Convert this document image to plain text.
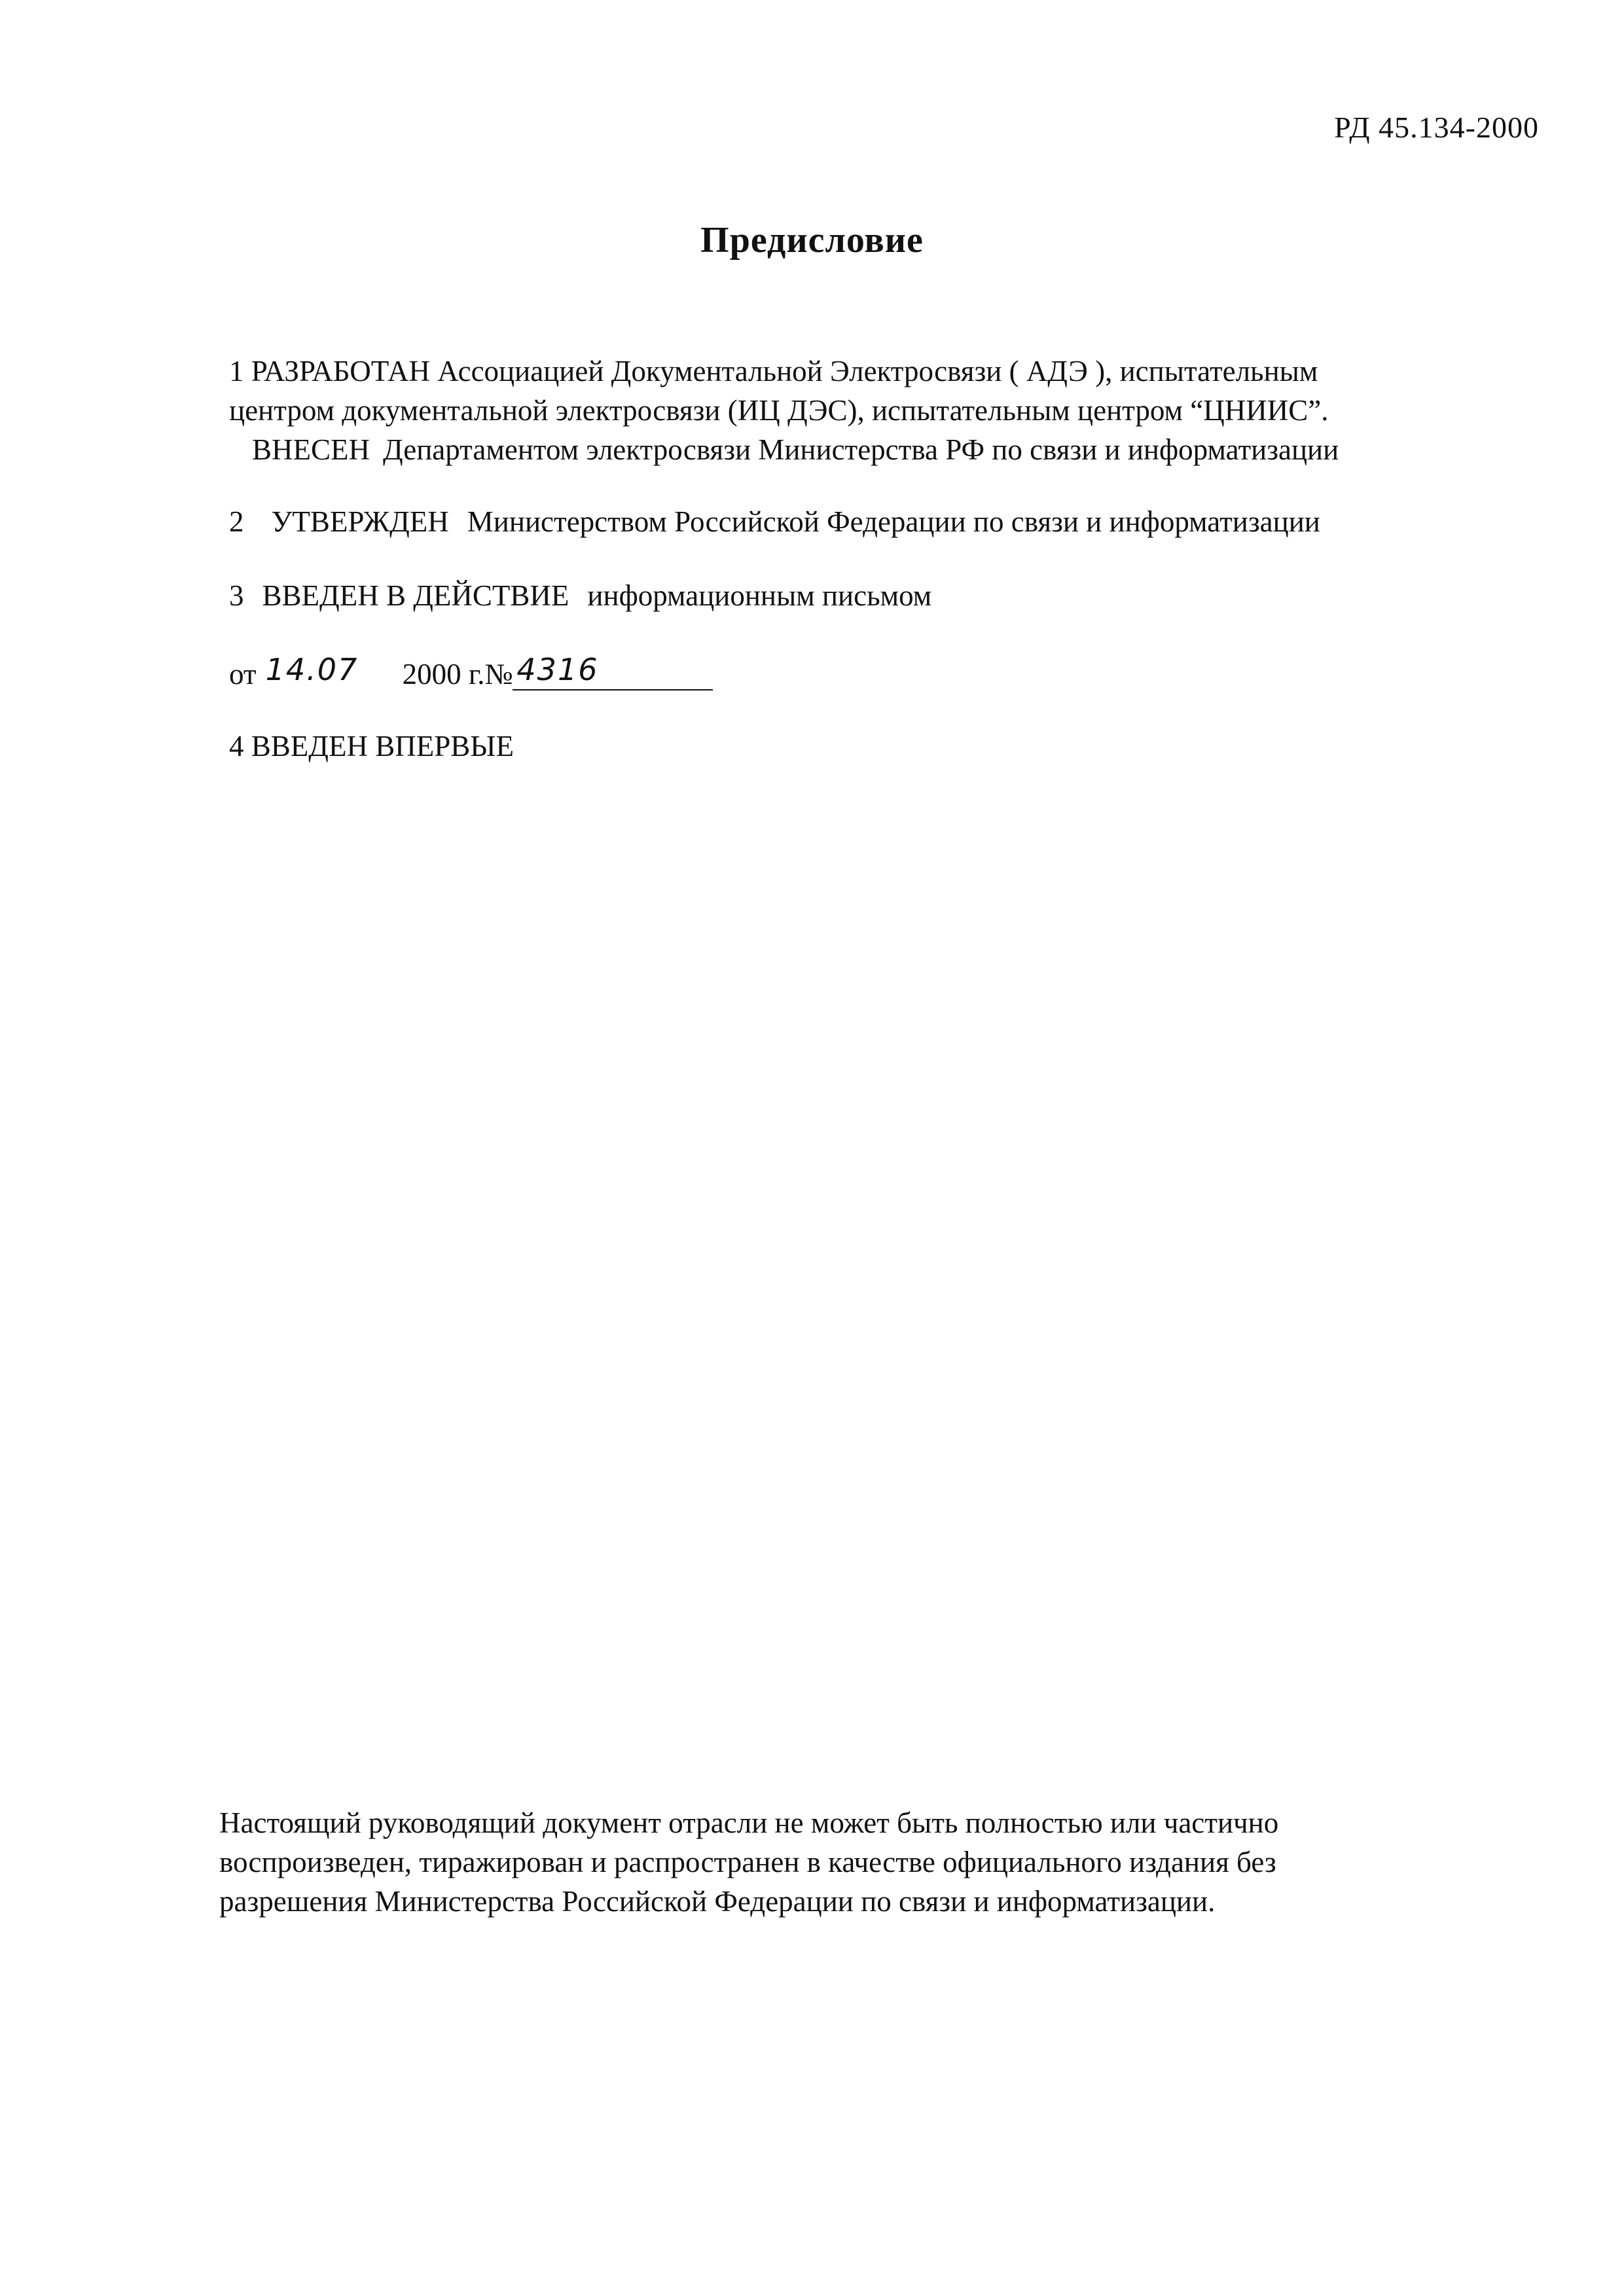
РД 45.134-2000
Предисловие
1 РАЗРАБОТАН Ассоциацией Документальной Электросвязи ( АДЭ ), испытательным
центром документальной электросвязи (ИЦ ДЭС), испытательным центром “ЦНИИС”.
ВНЕСЕН Департаментом электросвязи Министерства РФ по связи и информатизации
2 УТВЕРЖДЕН Министерством Российской Федерации по связи и информатизации
3 ВВЕДЕН В ДЕЙСТВИЕ информационным письмом
от 14.07 2000 г.№ 4316
4 ВВЕДЕН ВПЕРВЫЕ
Настоящий руководящий документ отрасли не может быть полностью или частично
воспроизведен, тиражирован и распространен в качестве официального издания без
разрешения Министерства Российской Федерации по связи и информатизации.
